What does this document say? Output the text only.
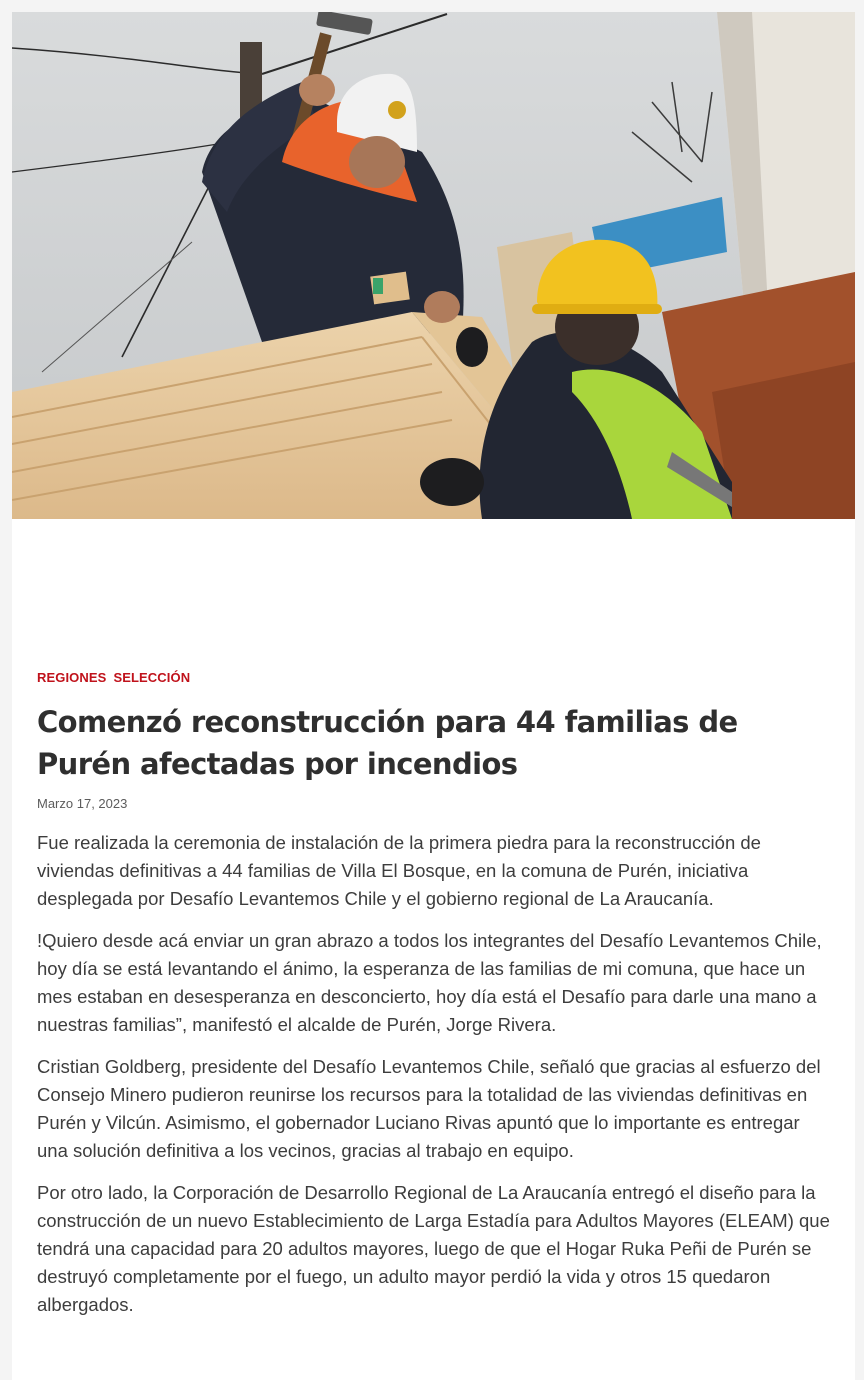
REGIONES SELECCIÓN
Comenzó reconstrucción para 44 familias de Purén afectadas por incendios
Marzo 17, 2023

Fue realizada la ceremonia de instalación de la primera piedra para la reconstrucción de viviendas definitivas a 44 familias de Villa El Bosque, en la comuna de Purén, iniciativa desplegada por Desafío Levantemos Chile y el gobierno regional de La Araucanía.

!Quiero desde acá enviar un gran abrazo a todos los integrantes del Desafío Levantemos Chile, hoy día se está levantando el ánimo, la esperanza de las familias de mi comuna, que hace un mes estaban en desesperanza en desconcierto, hoy día está el Desafío para darle una mano a nuestras familias”, manifestó el alcalde de Purén, Jorge Rivera.

Cristian Goldberg, presidente del Desafío Levantemos Chile, señaló que gracias al esfuerzo del Consejo Minero pudieron reunirse los recursos para la totalidad de las viviendas definitivas en Purén y Vilcún. Asimismo, el gobernador Luciano Rivas apuntó que lo importante es entregar una solución definitiva a los vecinos, gracias al trabajo en equipo.

Por otro lado, la Corporación de Desarrollo Regional de La Araucanía entregó el diseño para la construcción de un nuevo Establecimiento de Larga Estadía para Adultos Mayores (ELEAM) que tendrá una capacidad para 20 adultos mayores, luego de que el Hogar Ruka Peñi de Purén se destruyó completamente por el fuego, un adulto mayor perdió la vida y otros 15 quedaron albergados.
